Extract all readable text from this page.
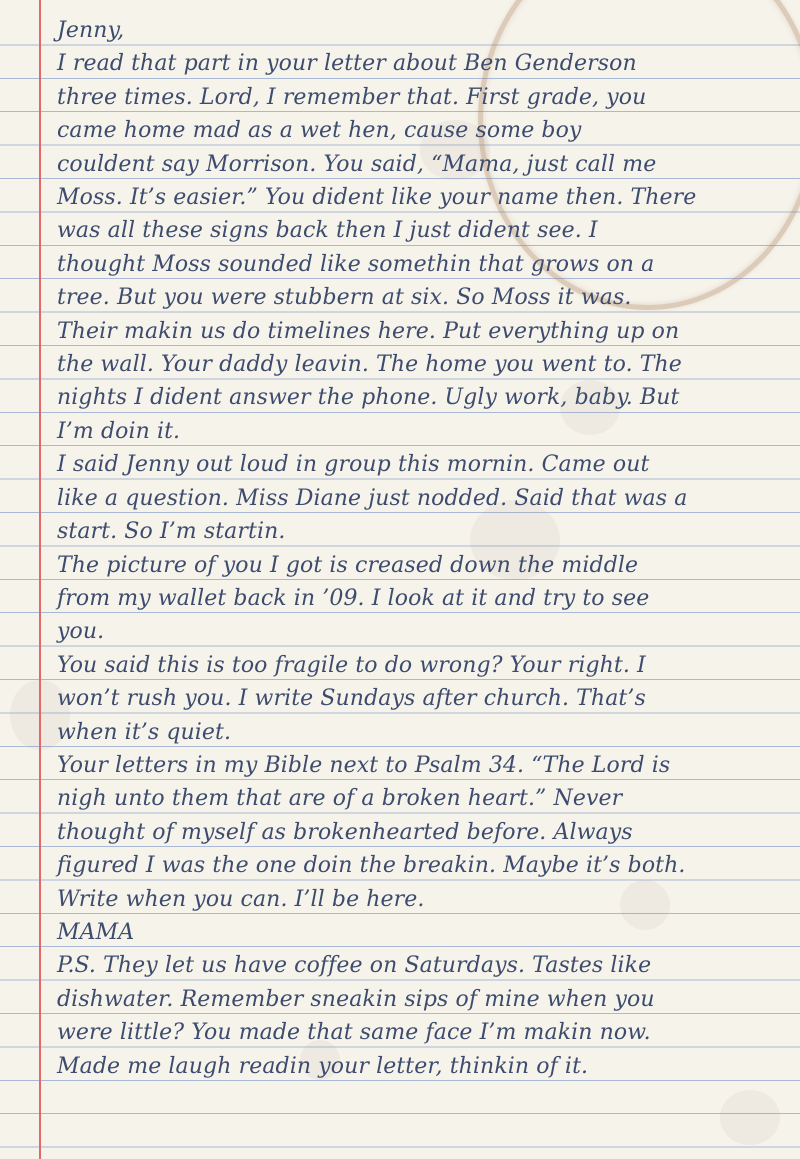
Jenny,
I read that part in your letter about Ben Genderson
three times. Lord, I remember that. First grade, you
came home mad as a wet hen, cause some boy
couldent say Morrison. You said, “Mama, just call me
Moss. It’s easier.” You dident like your name then. There
was all these signs back then I just dident see. I
thought Moss sounded like somethin that grows on a
tree. But you were stubbern at six. So Moss it was.
Their makin us do timelines here. Put everything up on
the wall. Your daddy leavin. The home you went to. The
nights I dident answer the phone. Ugly work, baby. But
I’m doin it.
I said Jenny out loud in group this mornin. Came out
like a question. Miss Diane just nodded. Said that was a
start. So I’m startin.
The picture of you I got is creased down the middle
from my wallet back in ’09. I look at it and try to see
you.
You said this is too fragile to do wrong? Your right. I
won’t rush you. I write Sundays after church. That’s
when it’s quiet.
Your letters in my Bible next to Psalm 34. “The Lord is
nigh unto them that are of a broken heart.” Never
thought of myself as brokenhearted before. Always
figured I was the one doin the breakin. Maybe it’s both.
Write when you can. I’ll be here.
MAMA
P.S. They let us have coffee on Saturdays. Tastes like
dishwater. Remember sneakin sips of mine when you
were little? You made that same face I’m makin now.
Made me laugh readin your letter, thinkin of it.
